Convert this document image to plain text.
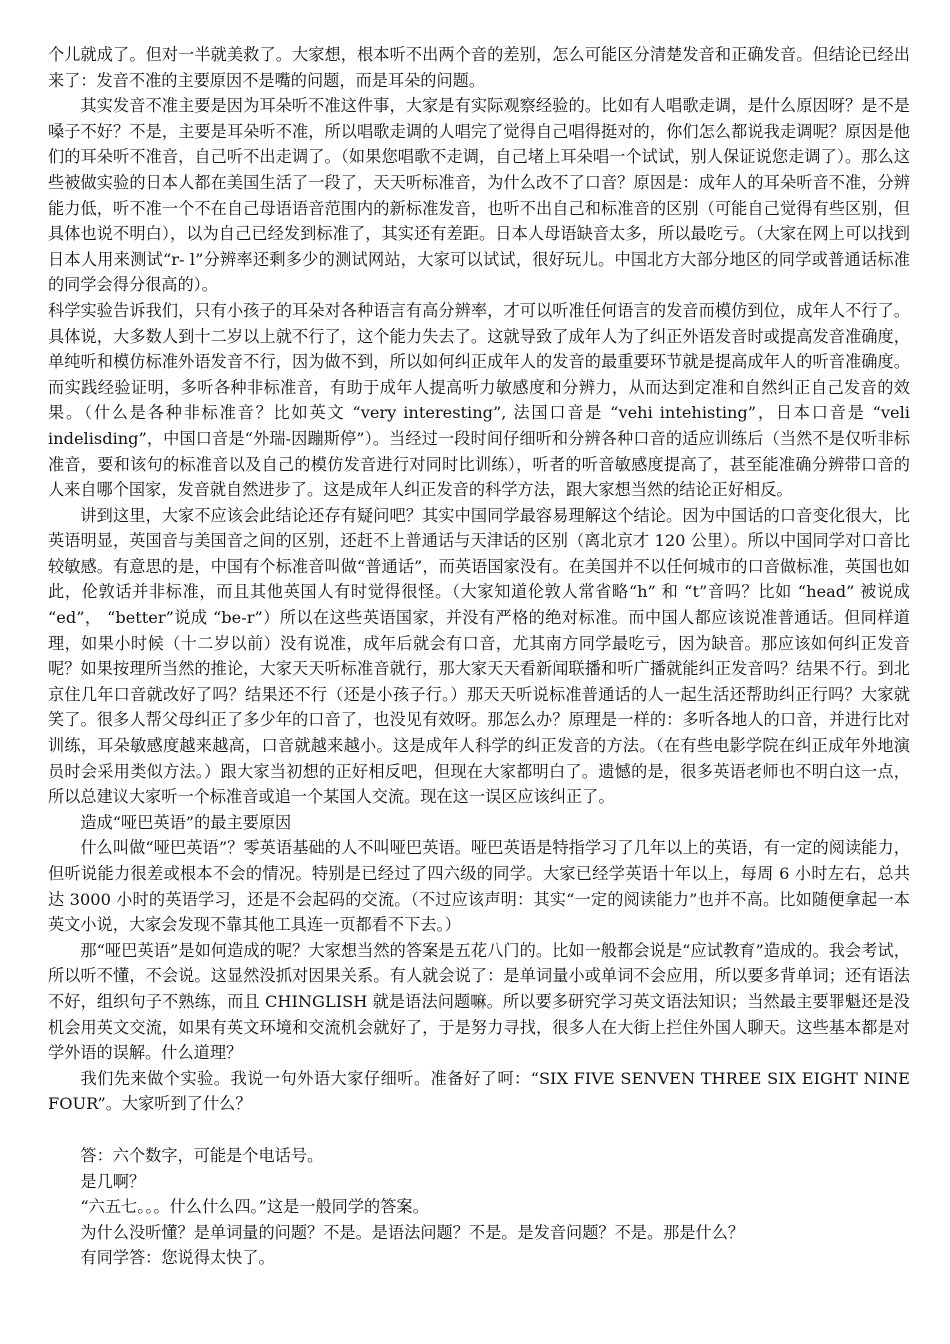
个儿就成了。但对一半就美救了。大家想，根本听不出两个音的差别，怎么可能区分清楚发音和正确发音。但结论已经出来了：发音不准的主要原因不是嘴的问题，而是耳朵的问题。

其实发音不准主要是因为耳朵听不准这件事，大家是有实际观察经验的。比如有人唱歌走调，是什么原因呀？是不是嗓子不好？不是，主要是耳朵听不准，所以唱歌走调的人唱完了觉得自己唱得挺对的，你们怎么都说我走调呢？原因是他们的耳朵听不准音，自己听不出走调了。（如果您唱歌不走调，自己堵上耳朵唱一个试试，别人保证说您走调了）。那么这些被做实验的日本人都在美国生活了一段了，天天听标准音，为什么改不了口音？原因是：成年人的耳朵听音不准，分辨能力低，听不准一个不在自己母语语音范围内的新标准发音，也听不出自己和标准音的区别（可能自己觉得有些区别，但具体也说不明白），以为自己已经发到标准了，其实还有差距。日本人母语缺音太多，所以最吃亏。（大家在网上可以找到日本人用来测试“r- l”分辨率还剩多少的测试网站，大家可以试试，很好玩儿。中国北方大部分地区的同学或普通话标准的同学会得分很高的）。

科学实验告诉我们，只有小孩子的耳朵对各种语言有高分辨率，才可以听准任何语言的发音而模仿到位，成年人不行了。具体说，大多数人到十二岁以上就不行了，这个能力失去了。这就导致了成年人为了纠正外语发音时或提高发音准确度，单纯听和模仿标准外语发音不行，因为做不到，所以如何纠正成年人的发音的最重要环节就是提高成年人的听音准确度。而实践经验证明，多听各种非标准音，有助于成年人提高听力敏感度和分辨力，从而达到定准和自然纠正自己发音的效果。（什么是各种非标准音？比如英文 “very interesting”, 法国口音是 “vehi intehisting”，日本口音是 “veli indelisding”，中国口音是“外瑞-因蹦斯停”）。当经过一段时间仔细听和分辨各种口音的适应训练后（当然不是仅听非标准音，要和该句的标准音以及自己的模仿发音进行对同时比训练），听者的听音敏感度提高了，甚至能准确分辨带口音的人来自哪个国家，发音就自然进步了。这是成年人纠正发音的科学方法，跟大家想当然的结论正好相反。

讲到这里，大家不应该会此结论还存有疑问吧？其实中国同学最容易理解这个结论。因为中国话的口音变化很大，比英语明显，英国音与美国音之间的区别，还赶不上普通话与天津话的区别（离北京才 120 公里）。所以中国同学对口音比较敏感。有意思的是，中国有个标准音叫做“普通话”，而英语国家没有。在美国并不以任何城市的口音做标准，英国也如此，伦敦话并非标准，而且其他英国人有时觉得很怪。（大家知道伦敦人常省略“h” 和 “t”音吗？比如 “head” 被说成 “ed”， “better”说成 “be-r”）所以在这些英语国家，并没有严格的绝对标准。而中国人都应该说准普通话。但同样道理，如果小时候（十二岁以前）没有说准，成年后就会有口音，尤其南方同学最吃亏，因为缺音。那应该如何纠正发音呢？如果按理所当然的推论，大家天天听标准音就行，那大家天天看新闻联播和听广播就能纠正发音吗？结果不行。到北京住几年口音就改好了吗？结果还不行（还是小孩子行。）那天天听说标准普通话的人一起生活还帮助纠正行吗？大家就笑了。很多人帮父母纠正了多少年的口音了，也没见有效呀。那怎么办？原理是一样的：多听各地人的口音，并进行比对训练，耳朵敏感度越来越高，口音就越来越小。这是成年人科学的纠正发音的方法。（在有些电影学院在纠正成年外地演员时会采用类似方法。）跟大家当初想的正好相反吧，但现在大家都明白了。遗憾的是，很多英语老师也不明白这一点，所以总建议大家听一个标准音或追一个某国人交流。现在这一误区应该纠正了。

造成“哑巴英语”的最主要原因

什么叫做“哑巴英语”？零英语基础的人不叫哑巴英语。哑巴英语是特指学习了几年以上的英语，有一定的阅读能力，但听说能力很差或根本不会的情况。特别是已经过了四六级的同学。大家已经学英语十年以上，每周 6 小时左右，总共达 3000 小时的英语学习，还是不会起码的交流。（不过应该声明：其实“一定的阅读能力”也并不高。比如随便拿起一本英文小说，大家会发现不靠其他工具连一页都看不下去。）

那“哑巴英语”是如何造成的呢？大家想当然的答案是五花八门的。比如一般都会说是“应试教育”造成的。我会考试，所以听不懂，不会说。这显然没抓对因果关系。有人就会说了：是单词量小或单词不会应用，所以要多背单词；还有语法不好，组织句子不熟练，而且 CHINGLISH 就是语法问题嘛。所以要多研究学习英文语法知识；当然最主要罪魁还是没机会用英文交流，如果有英文环境和交流机会就好了，于是努力寻找，很多人在大街上拦住外国人聊天。这些基本都是对学外语的误解。什么道理？

我们先来做个实验。我说一句外语大家仔细听。准备好了呵：“SIX FIVE SENVEN THREE SIX EIGHT NINE FOUR”。大家听到了什么？

答：六个数字，可能是个电话号。

是几啊？

“六五七。。。什么什么四。”这是一般同学的答案。

为什么没听懂？是单词量的问题？不是。是语法问题？不是。是发音问题？不是。那是什么？

有同学答：您说得太快了。
